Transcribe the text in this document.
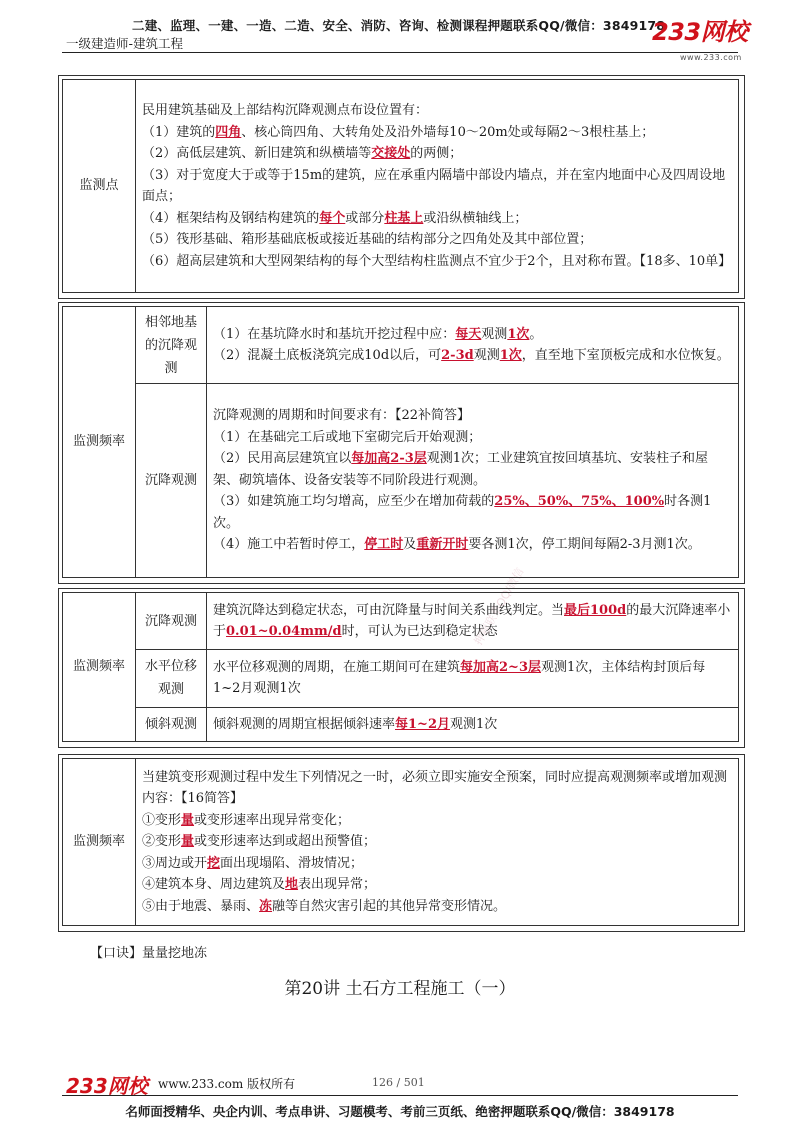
二建、监理、一建、一造、二造、安全、消防、咨询、检测课程押题联系QQ/微信：3849178
一级建造师-建筑工程	233网校
www.233.com
押题联系QQ/微信
监测点	
民用建筑基础及上部结构沉降观测点布设位置有：
（1）建筑的四角、核心筒四角、大转角处及沿外墙每10～20m处或每隔2～3根柱基上；
（2）高低层建筑、新旧建筑和纵横墙等交接处的两侧；
（3）对于宽度大于或等于15m的建筑，应在承重内隔墙中部设内墙点，并在室内地面中心及四周设地面点；
（4）框架结构及钢结构建筑的每个或部分柱基上或沿纵横轴线上；
（5）筏形基础、箱形基础底板或接近基础的结构部分之四角处及其中部位置；
（6）超高层建筑和大型网架结构的每个大型结构柱监测点不宜少于2个，且对称布置。【18多、10单】
监测频率	相邻地基的沉降观测	（1）在基坑降水时和基坑开挖过程中应：每天观测1次。
（2）混凝土底板浇筑完成10d以后，可2-3d观测1次，直至地下室顶板完成和水位恢复。

	沉降观测	沉降观测的周期和时间要求有：【22补简答】
（1）在基础完工后或地下室砌完后开始观测；
（2）民用高层建筑宜以每加高2-3层观测1次；工业建筑宜按回填基坑、安装柱子和屋架、砌筑墙体、设备安装等不同阶段进行观测。
（3）如建筑施工均匀增高，应至少在增加荷载的25%、50%、75%、100%时各测1次。
（4）施工中若暂时停工，停工时及重新开时要各测1次，停工期间每隔2-3月测1次。
监测频率	沉降观测	建筑沉降达到稳定状态，可由沉降量与时间关系曲线判定。当最后100d的最大沉降速率小于0.01~0.04mm/d时，可认为已达到稳定状态
	水平位移观测	水平位移观测的周期，在施工期间可在建筑每加高2~3层观测1次，主体结构封顶后每1~2月观测1次
	倾斜观测	倾斜观测的周期宜根据倾斜速率每1~2月观测1次
监测频率	
当建筑变形观测过程中发生下列情况之一时，必须立即实施安全预案，同时应提高观测频率或增加观测内容：【16简答】
①变形量或变形速率出现异常变化；
②变形量或变形速率达到或超出预警值；
③周边或开挖面出现塌陷、滑坡情况；
④建筑本身、周边建筑及地表出现异常；
⑤由于地震、暴雨、冻融等自然灾害引起的其他异常变形情况。
【口诀】量量挖地冻
第20讲 土石方工程施工（一）
233网校 www.233.com 版权所有	126 / 501
名师面授精华、央企内训、考点串讲、习题模考、考前三页纸、绝密押题联系QQ/微信：3849178
